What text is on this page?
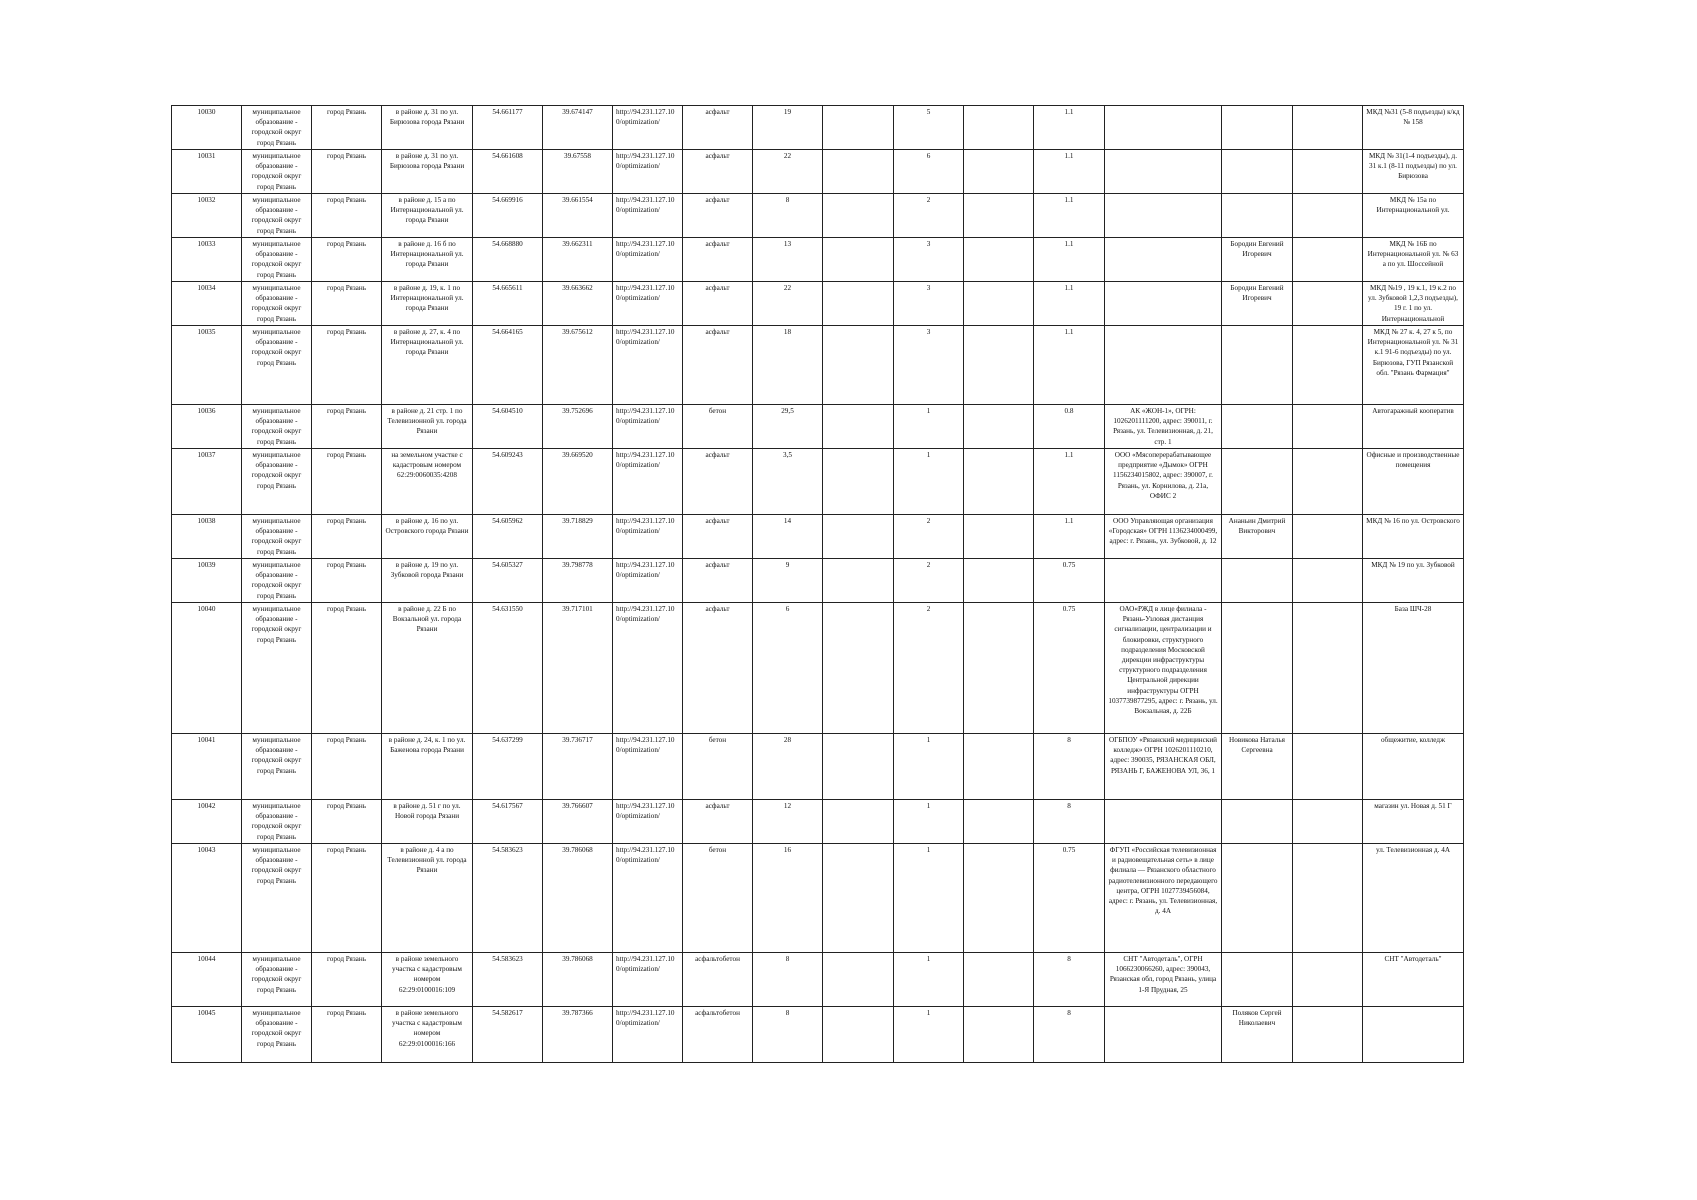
10030	муниципальное образование - городской округ город Рязань	город Рязань	в районе д. 31 по ул. Бирюзова города Рязани	54.661177	39.674147	http://94.231.127.10 0/optimization/	асфальт	19		5		1.1				МКД №31 (5-8 подъезды) к/кд № 158
10031	муниципальное образование - городской округ город Рязань	город Рязань	в районе д. 31 по ул. Бирюзова города Рязани	54.661608	39.67558	http://94.231.127.10 0/optimization/	асфальт	22		6		1.1				МКД № 31(1-4 подъезды), д. 31 к.1 (8-11 подъезды) по ул. Бирюзова
10032	муниципальное образование - городской округ город Рязань	город Рязань	в районе д. 15 а по Интернациональной ул. города Рязани	54.669916	39.661554	http://94.231.127.10 0/optimization/	асфальт	8		2		1.1				МКД № 15а по Интернациональной ул.
10033	муниципальное образование - городской округ город Рязань	город Рязань	в районе д. 16 б по Интернациональной ул. города Рязани	54.668880	39.662311	http://94.231.127.10 0/optimization/	асфальт	13		3		1.1		Бородин Евгений Игоревич		МКД № 16Б по Интернациональной ул. № 63 а по ул. Шоссейной
10034	муниципальное образование - городской округ город Рязань	город Рязань	в районе д. 19, к. 1 по Интернациональной ул. города Рязани	54.665611	39.663662	http://94.231.127.10 0/optimization/	асфальт	22		3		1.1		Бородин Евгений Игоревич		МКД №19 , 19 к.1, 19 к.2 по ул. Зубковой 1,2,3 подъезды), 19 г. 1 по ул. Интернациональной
10035	муниципальное образование - городской округ город Рязань	город Рязань	в районе д. 27, к. 4 по Интернациональной ул. города Рязани	54.664165	39.675612	http://94.231.127.10 0/optimization/	асфальт	18		3		1.1				МКД № 27 к. 4, 27 к 5, по Интернациональной ул. № 31 к.1 91-6 подъезды) по ул. Бирюзова, ГУП Рязанской обл. "Рязань Фармация"
10036	муниципальное образование - городской округ город Рязань	город Рязань	в районе д. 21 стр. 1 по Телевизионной ул. города Рязани	54.604510	39.752696	http://94.231.127.10 0/optimization/	бетон	29,5		1		0.8	АК «ЖОН-1», ОГРН: 1026201111200, адрес: 390011, г. Рязань, ул. Телевизионная, д. 21, стр. 1			Автогаражный кооператив
10037	муниципальное образование - городской округ город Рязань	город Рязань	на земельном участке с кадастровым номером 62:29:0060035:4208	54.609243	39.669520	http://94.231.127.10 0/optimization/	асфальт	3,5		1		1.1	ООО «Мясоперерабатывающее предприятие «Дымок» ОГРН 1156234015802, адрес: 390007, г. Рязань, ул. Корнилова, д. 21а, ОФИС 2			Офисные и производственные помещения
10038	муниципальное образование - городской округ город Рязань	город Рязань	в районе д. 16 по ул. Островского города Рязани	54.605962	39.718829	http://94.231.127.10 0/optimization/	асфальт	14		2		1.1	ООО Управляющая организация «Городская» ОГРН 1136234000499, адрес: г. Рязань, ул. Зубковой, д. 12	Ананьин Дмитрий Викторович		МКД № 16 по ул. Островского
10039	муниципальное образование - городской округ город Рязань	город Рязань	в районе д. 19 по ул. Зубковой города Рязани	54.605327	39.798778	http://94.231.127.10 0/optimization/	асфальт	9		2		0.75				МКД № 19 по ул. Зубковой
10040	муниципальное образование - городской округ город Рязань	город Рязань	в районе д. 22 Б по Вокзальной ул. города Рязани	54.631550	39.717101	http://94.231.127.10 0/optimization/	асфальт	6		2		0.75	ОАО«РЖД в лице филиала - Рязань-Узловая дистанция сигнализации, централизации и блокировки, структурного подразделения Московской дирекции инфраструктуры структурного подразделения Центральной дирекции инфраструктуры ОГРН 1037739877295, адрес: г. Рязань, ул. Вокзальная, д. 22Б			База ШЧ-28
10041	муниципальное образование - городской округ город Рязань	город Рязань	в районе д. 24, к. 1 по ул. Баженова города Рязани	54.637299	39.736717	http://94.231.127.10 0/optimization/	бетон	28		1		8	ОГБПОУ «Рязанский медицинский колледж» ОГРН 1026201110210, адрес: 390035, РЯЗАНСКАЯ ОБЛ, РЯЗАНЬ Г, БАЖЕНОВА УЛ, 36, 1	Новикова Наталья Сергеевна		общежитие, колледж
10042	муниципальное образование - городской округ город Рязань	город Рязань	в районе д. 51 г по ул. Новой города Рязани	54.617567	39.766607	http://94.231.127.10 0/optimization/	асфальт	12		1		8				магазин ул. Новая д. 51 Г
10043	муниципальное образование - городской округ город Рязань	город Рязань	в районе д. 4 а по Телевизионной ул. города Рязани	54.583623	39.786068	http://94.231.127.10 0/optimization/	бетон	16		1		0.75	ФГУП «Российская телевизионная и радиовещательная сеть» в лице филиала — Рязанского областного радиотелевизионного передающего центра, ОГРН 1027739456084, адрес: г. Рязань, ул. Телевизионная, д. 4А			ул. Телевизионная д. 4А
10044	муниципальное образование - городской округ город Рязань	город Рязань	в районе земельного участка с кадастровым номером 62:29:0100016:109	54.583623	39.786068	http://94.231.127.10 0/optimization/	асфальтобетон	8		1		8	СНТ "Автодеталь", ОГРН 1066230066260, адрес: 390043, Рязанская обл, город Рязань, улица 1-Я Прудная, 25			СНТ "Автодеталь"
10045	муниципальное образование - городской округ город Рязань	город Рязань	в районе земельного участка с кадастровым номером 62:29:0100016:166	54.582617	39.787366	http://94.231.127.10 0/optimization/	асфальтобетон	8		1		8		Поляков Сергей Николаевич		
